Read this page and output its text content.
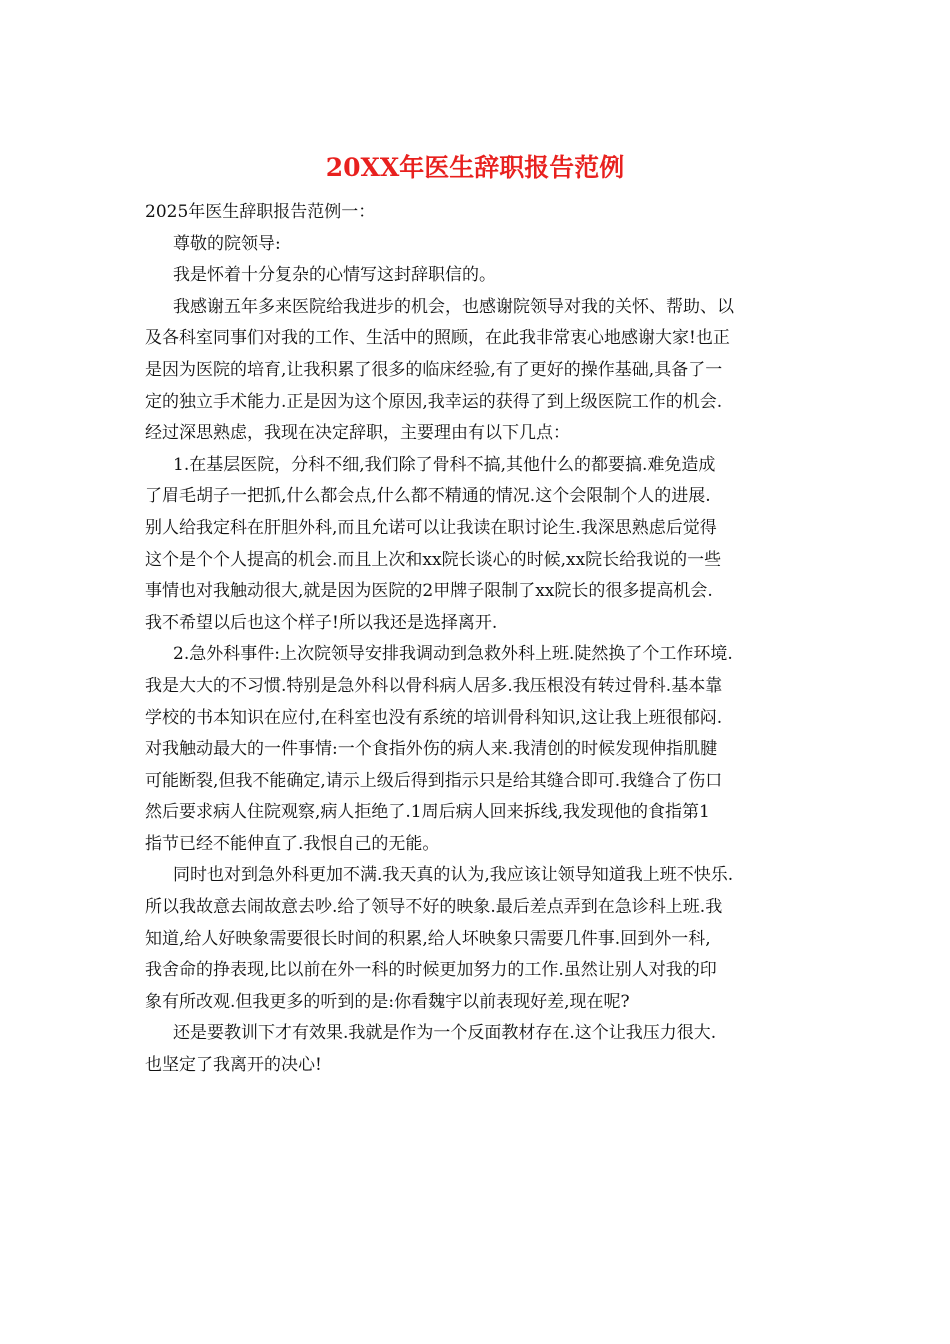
20XX年医生辞职报告范例

2025年医生辞职报告范例一：

尊敬的院领导:

我是怀着十分复杂的心情写这封辞职信的。

我感谢五年多来医院给我进步的机会，也感谢院领导对我的关怀、帮助、以

及各科室同事们对我的工作、生活中的照顾，在此我非常衷心地感谢大家!也正

是因为医院的培育,让我积累了很多的临床经验,有了更好的操作基础,具备了一

定的独立手术能力.正是因为这个原因,我幸运的获得了到上级医院工作的机会.

经过深思熟虑，我现在决定辞职，主要理由有以下几点：

1.在基层医院，分科不细,我们除了骨科不搞,其他什么的都要搞.难免造成

了眉毛胡子一把抓,什么都会点,什么都不精通的情况.这个会限制个人的进展.

别人给我定科在肝胆外科,而且允诺可以让我读在职讨论生.我深思熟虑后觉得

这个是个个人提高的机会.而且上次和xx院长谈心的时候,xx院长给我说的一些

事情也对我触动很大,就是因为医院的2甲牌子限制了xx院长的很多提高机会.

我不希望以后也这个样子!所以我还是选择离开.

2.急外科事件:上次院领导安排我调动到急救外科上班.陡然换了个工作环境.

我是大大的不习惯.特别是急外科以骨科病人居多.我压根没有转过骨科.基本靠

学校的书本知识在应付,在科室也没有系统的培训骨科知识,这让我上班很郁闷.

对我触动最大的一件事情:一个食指外伤的病人来.我清创的时候发现伸指肌腱

可能断裂,但我不能确定,请示上级后得到指示只是给其缝合即可.我缝合了伤口

然后要求病人住院观察,病人拒绝了.1周后病人回来拆线,我发现他的食指第1

指节已经不能伸直了.我恨自己的无能。

同时也对到急外科更加不满.我天真的认为,我应该让领导知道我上班不快乐.

所以我故意去闹故意去吵.给了领导不好的映象.最后差点弄到在急诊科上班.我

知道,给人好映象需要很长时间的积累,给人坏映象只需要几件事.回到外一科,

我舍命的挣表现,比以前在外一科的时候更加努力的工作.虽然让别人对我的印

象有所改观.但我更多的听到的是:你看魏宇以前表现好差,现在呢?

还是要教训下才有效果.我就是作为一个反面教材存在.这个让我压力很大.

也坚定了我离开的决心!
